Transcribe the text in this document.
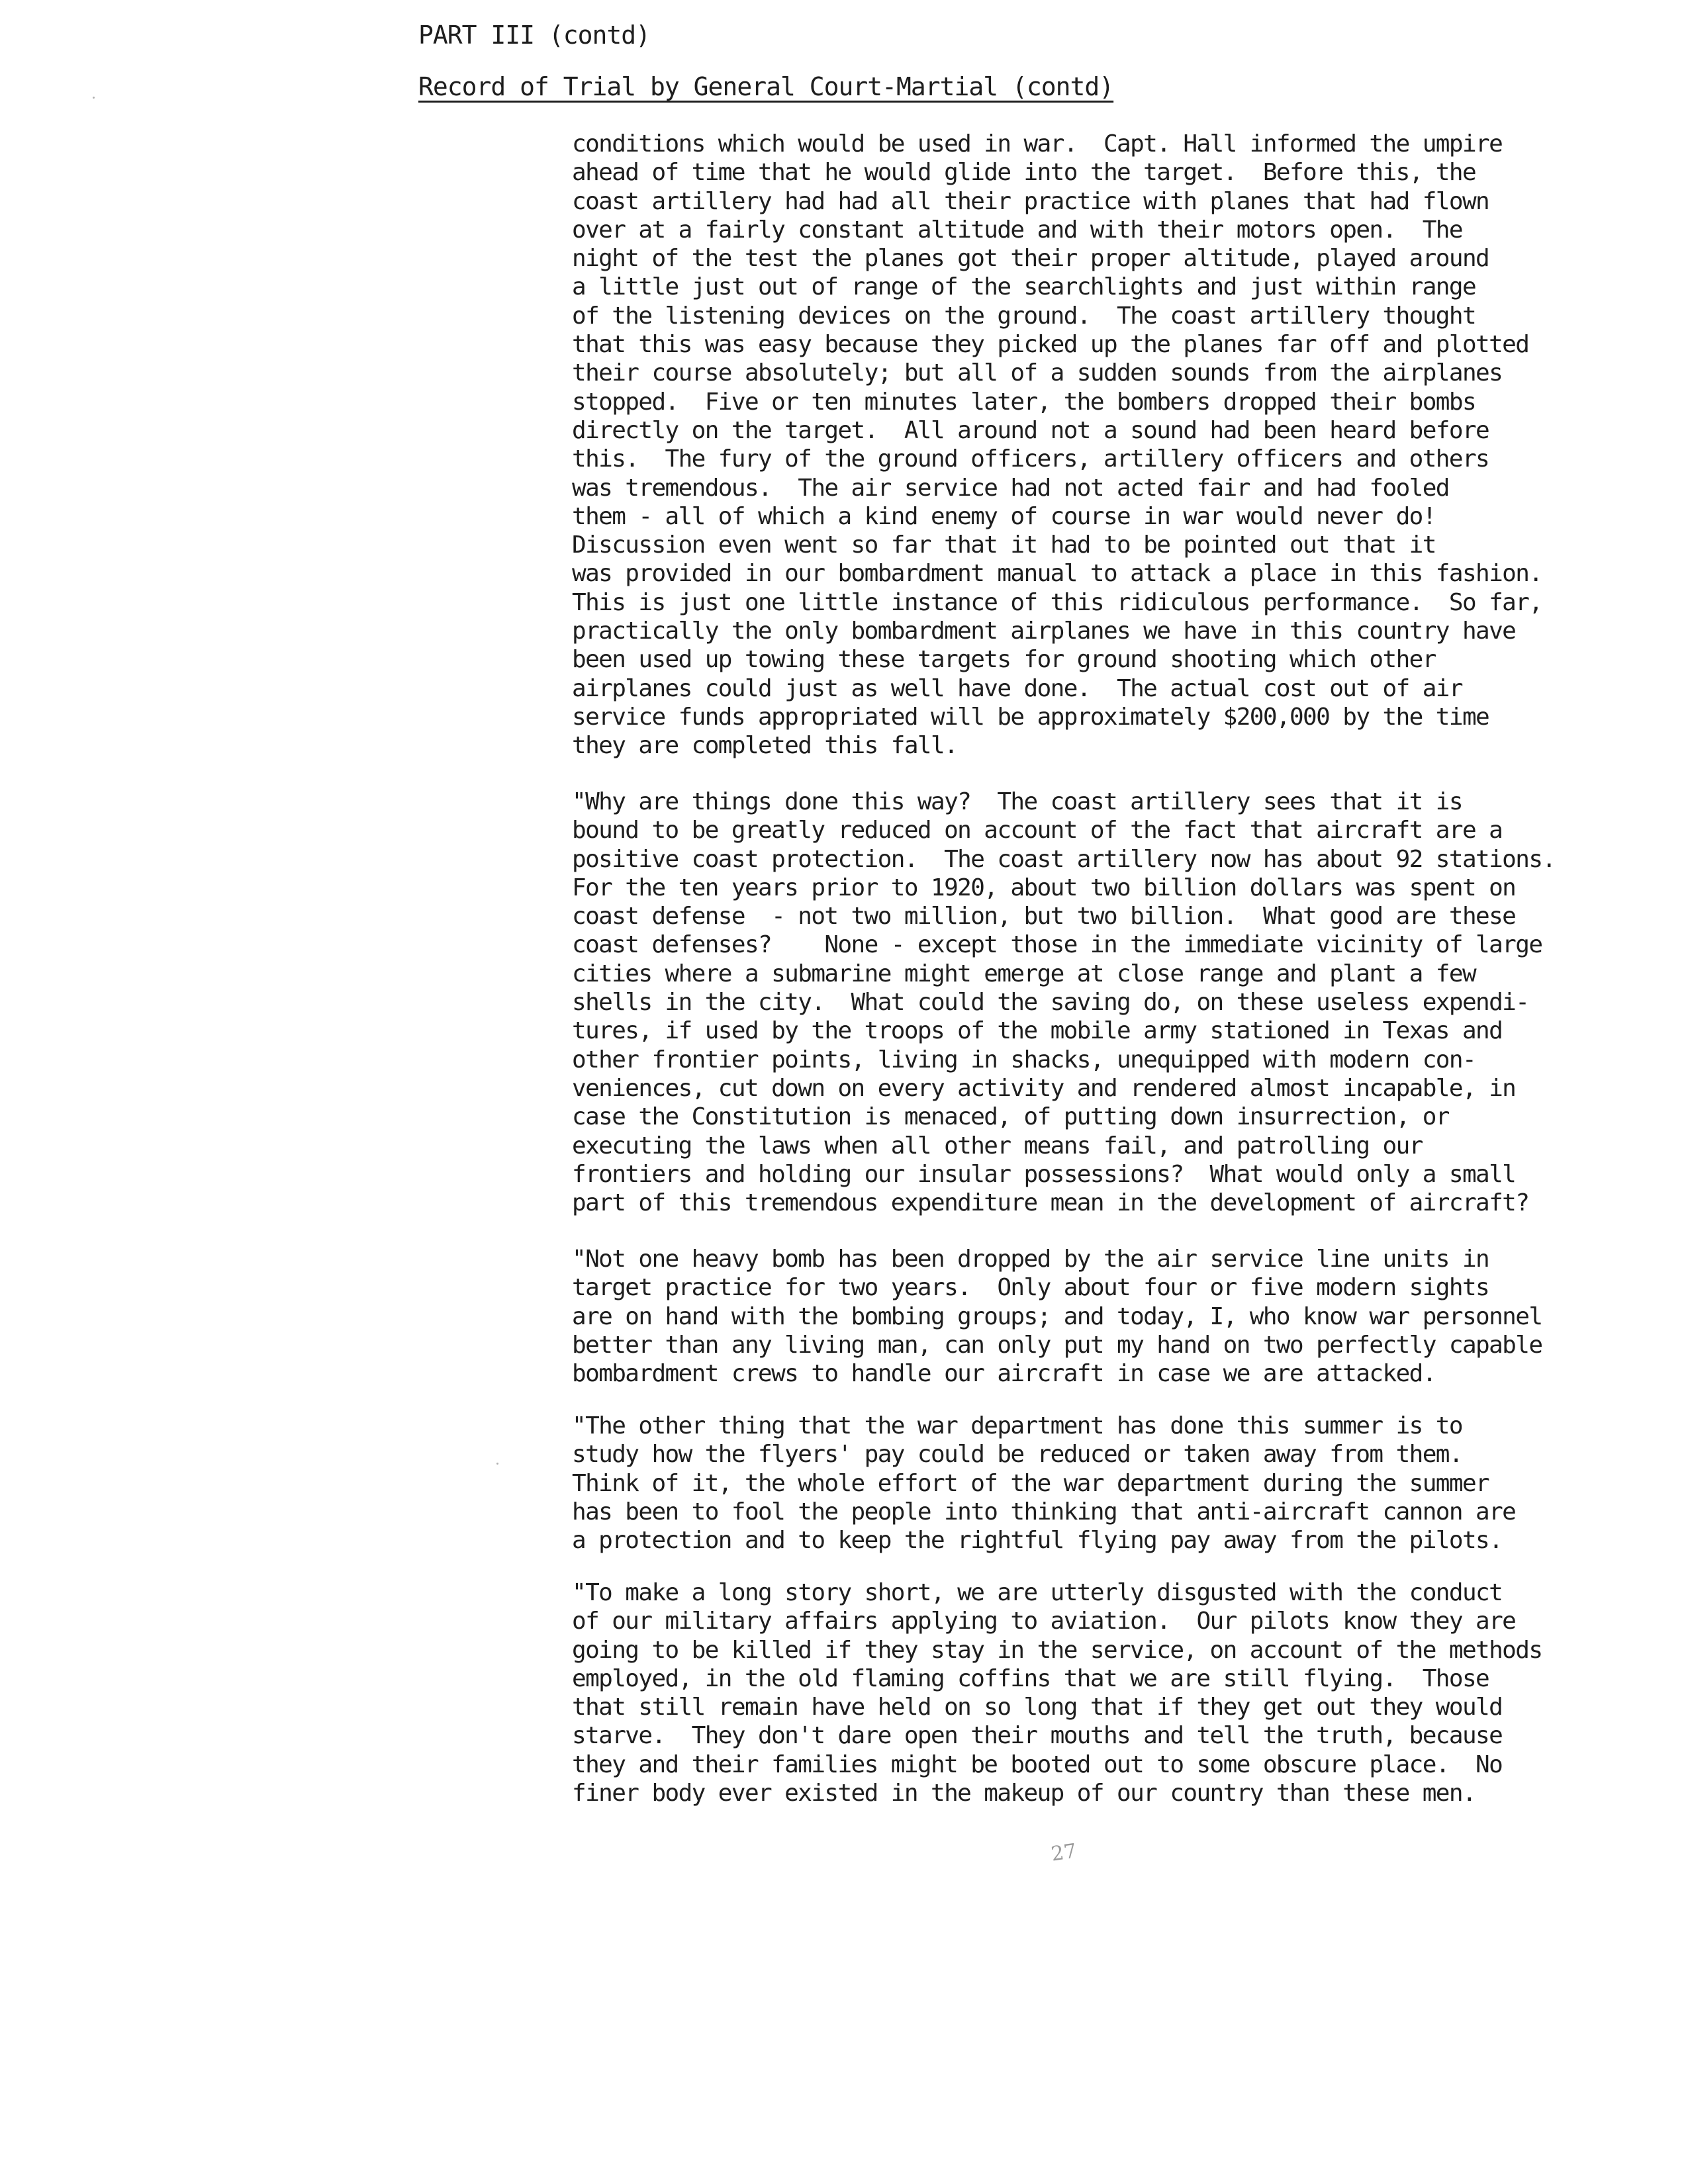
PART III (contd)
Record of Trial by General Court-Martial (contd)
conditions which would be used in war.  Capt. Hall informed the umpire
ahead of time that he would glide into the target.  Before this, the
coast artillery had had all their practice with planes that had flown
over at a fairly constant altitude and with their motors open.  The
night of the test the planes got their proper altitude, played around
a little just out of range of the searchlights and just within range
of the listening devices on the ground.  The coast artillery thought
that this was easy because they picked up the planes far off and plotted
their course absolutely; but all of a sudden sounds from the airplanes
stopped.  Five or ten minutes later, the bombers dropped their bombs
directly on the target.  All around not a sound had been heard before
this.  The fury of the ground officers, artillery officers and others
was tremendous.  The air service had not acted fair and had fooled
them - all of which a kind enemy of course in war would never do!
Discussion even went so far that it had to be pointed out that it
was provided in our bombardment manual to attack a place in this fashion.
This is just one little instance of this ridiculous performance.  So far,
practically the only bombardment airplanes we have in this country have
been used up towing these targets for ground shooting which other
airplanes could just as well have done.  The actual cost out of air
service funds appropriated will be approximately $200,000 by the time
they are completed this fall.
"Why are things done this way?  The coast artillery sees that it is
bound to be greatly reduced on account of the fact that aircraft are a
positive coast protection.  The coast artillery now has about 92 stations.
For the ten years prior to 1920, about two billion dollars was spent on
coast defense  - not two million, but two billion.  What good are these
coast defenses?    None - except those in the immediate vicinity of large
cities where a submarine might emerge at close range and plant a few
shells in the city.  What could the saving do, on these useless expendi-
tures, if used by the troops of the mobile army stationed in Texas and
other frontier points, living in shacks, unequipped with modern con-
veniences, cut down on every activity and rendered almost incapable, in
case the Constitution is menaced, of putting down insurrection, or
executing the laws when all other means fail, and patrolling our
frontiers and holding our insular possessions?  What would only a small
part of this tremendous expenditure mean in the development of aircraft?
"Not one heavy bomb has been dropped by the air service line units in
target practice for two years.  Only about four or five modern sights
are on hand with the bombing groups; and today, I, who know war personnel
better than any living man, can only put my hand on two perfectly capable
bombardment crews to handle our aircraft in case we are attacked.
"The other thing that the war department has done this summer is to
study how the flyers' pay could be reduced or taken away from them.
Think of it, the whole effort of the war department during the summer
has been to fool the people into thinking that anti-aircraft cannon are
a protection and to keep the rightful flying pay away from the pilots.
"To make a long story short, we are utterly disgusted with the conduct
of our military affairs applying to aviation.  Our pilots know they are
going to be killed if they stay in the service, on account of the methods
employed, in the old flaming coffins that we are still flying.  Those
that still remain have held on so long that if they get out they would
starve.  They don't dare open their mouths and tell the truth, because
they and their families might be booted out to some obscure place.  No
finer body ever existed in the makeup of our country than these men.
27
